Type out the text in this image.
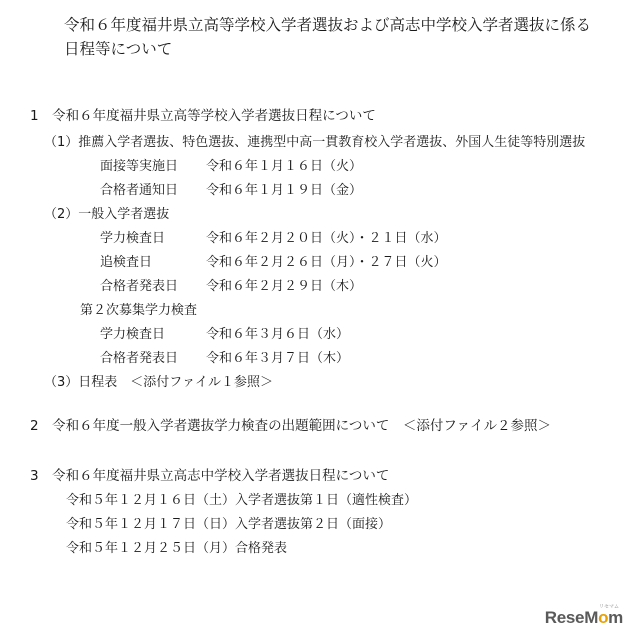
令和６年度福井県立高等学校入学者選抜および高志中学校入学者選抜に係る
日程等について
1　令和６年度福井県立高等学校入学者選抜日程について
（1）推薦入学者選抜、特色選抜、連携型中高一貫教育校入学者選抜、外国人生徒等特別選抜
面接等実施日 令和６年１月１６日（火）
合格者通知日 令和６年１月１９日（金）
（2）一般入学者選抜
学力検査日	令和６年２月２０日（火）・２１日（水）
追検査日	令和６年２月２６日（月）・２７日（火）
合格者発表日 令和６年２月２９日（木）
第２次募集学力検査
学力検査日	令和６年３月６日（水）
合格者発表日 令和６年３月７日（木）
（3）日程表　＜添付ファイル１参照＞
2　令和６年度一般入学者選抜学力検査の出題範囲について　＜添付ファイル２参照＞
3　令和６年度福井県立高志中学校入学者選抜日程について
令和５年１２月１６日（土）入学者選抜第１日（適性検査）
令和５年１２月１７日（日）入学者選抜第２日（面接）
令和５年１２月２５日（月）合格発表
リセマム
ReseMom
